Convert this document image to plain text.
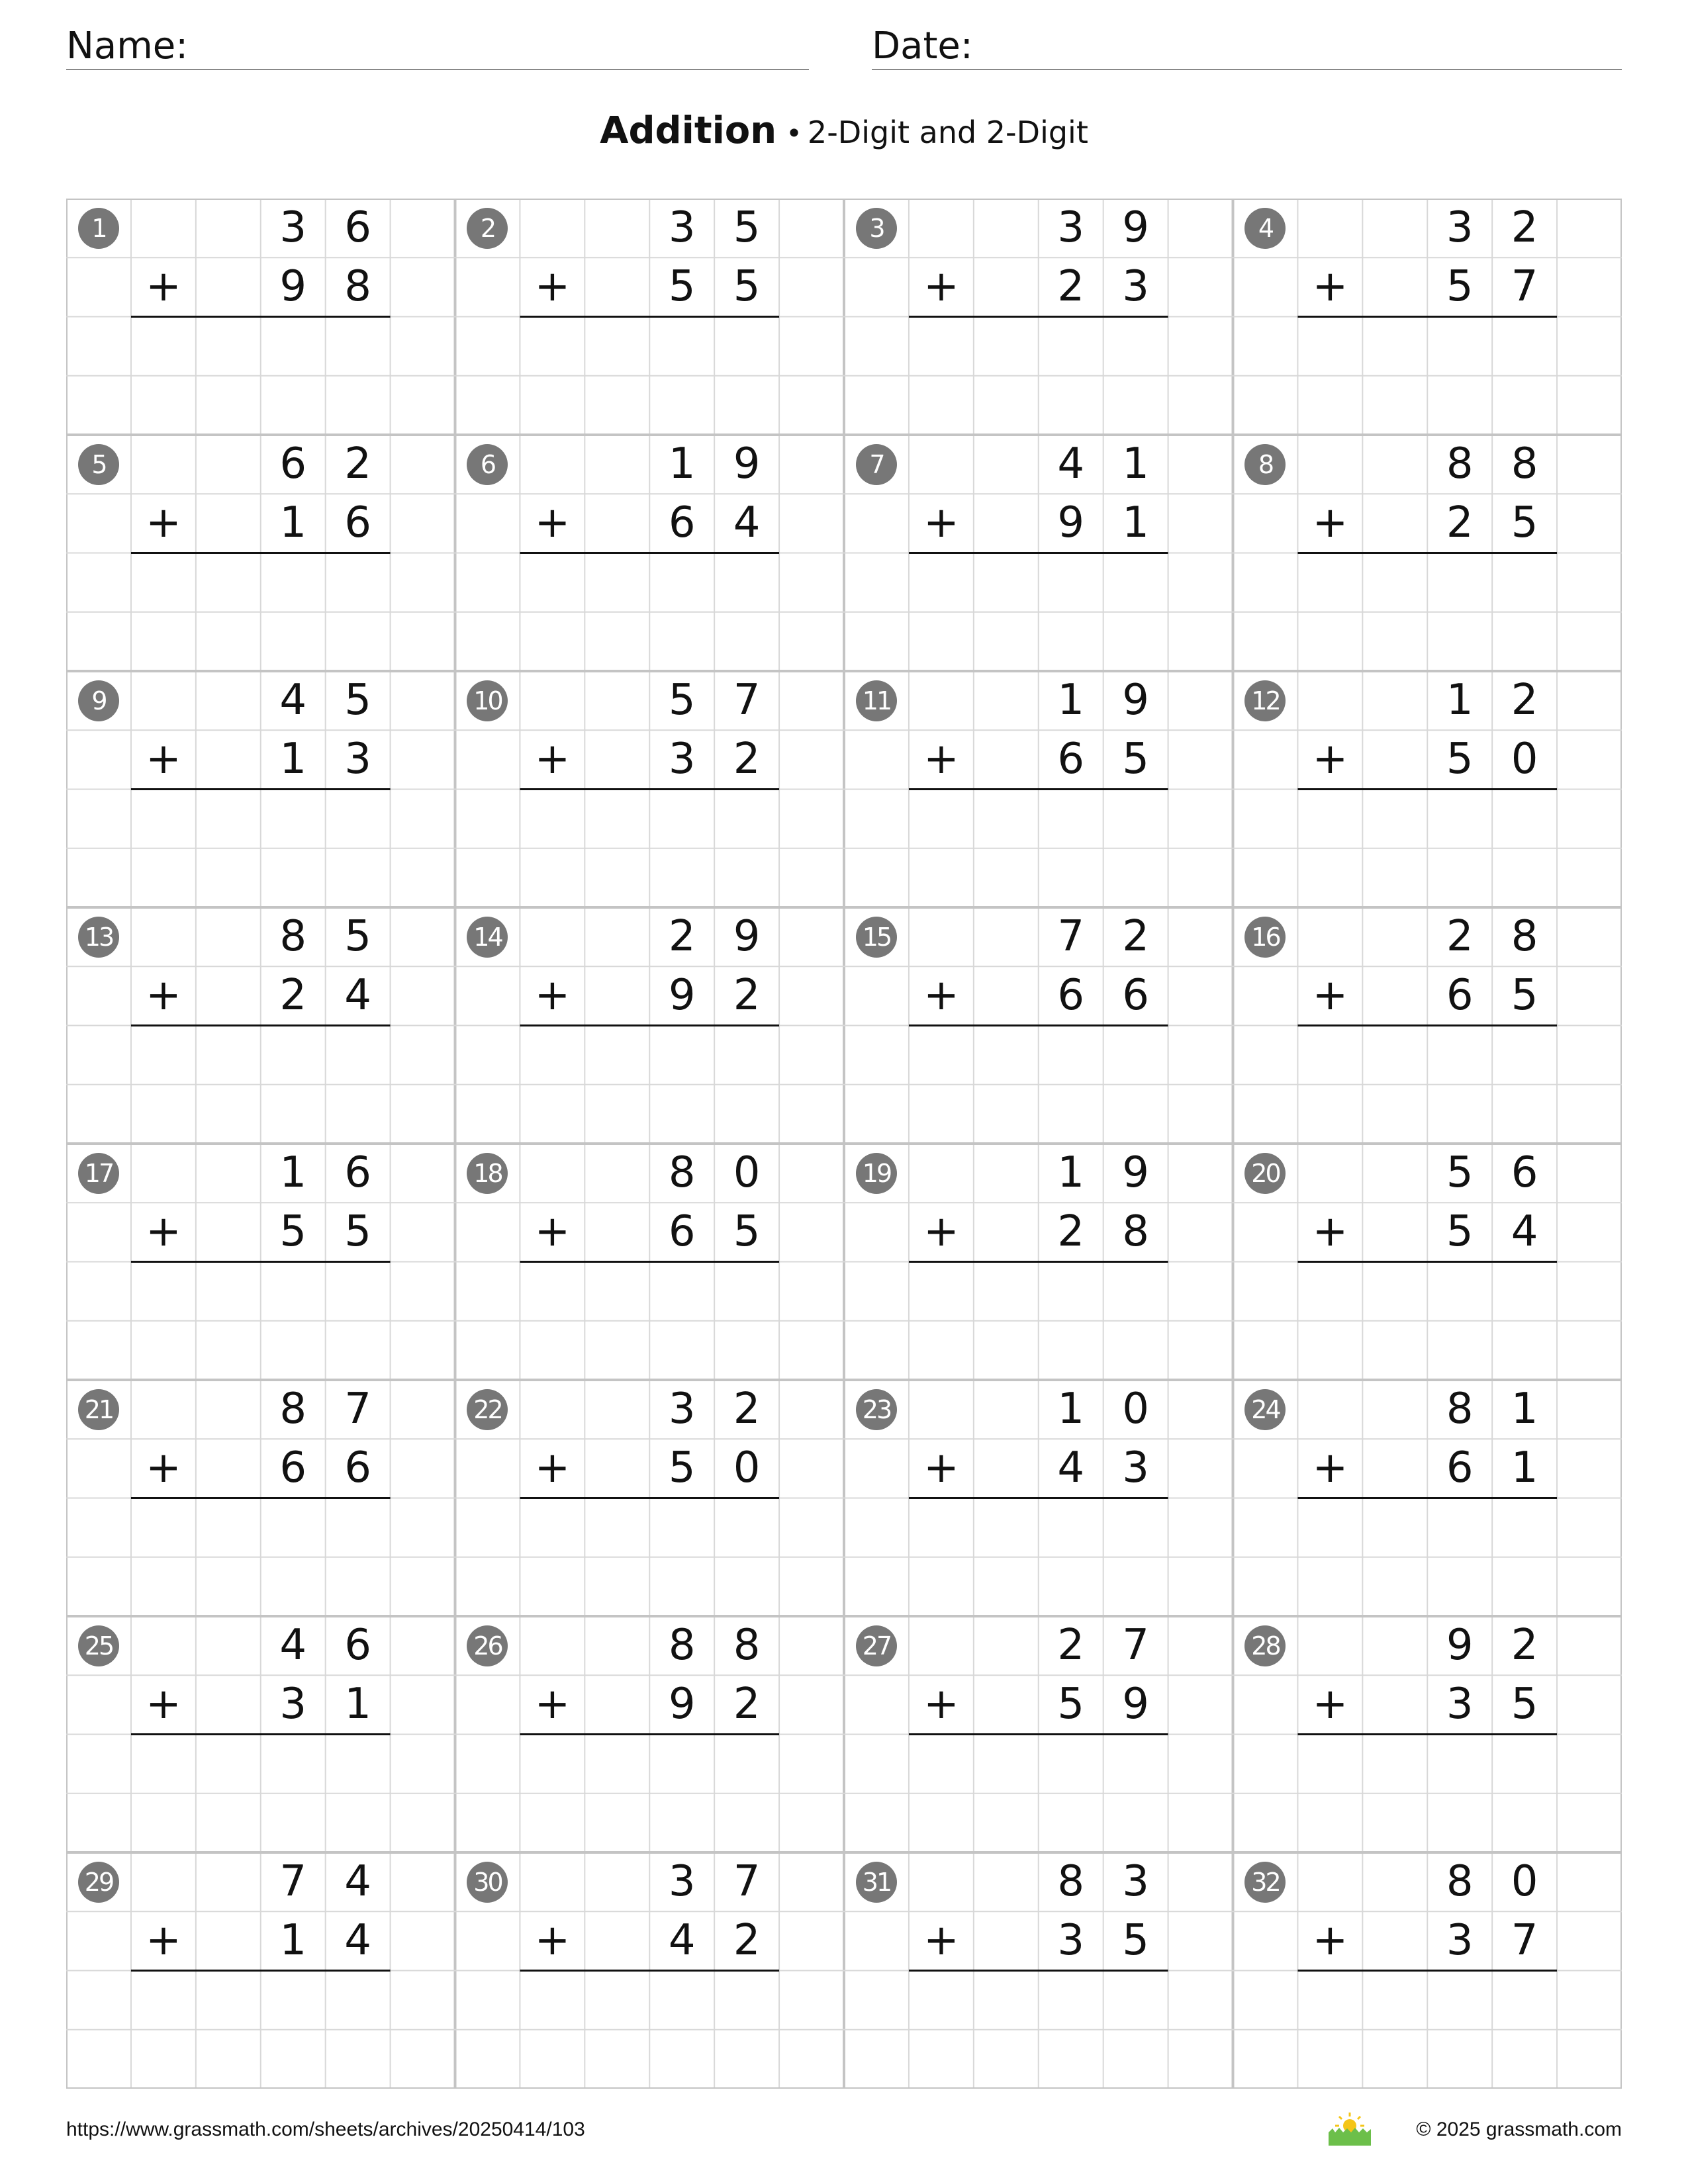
Name:	Date:
Addition • 2-Digit and 2-Digit
1	3 6
+	9 8
2	3 5
+	5 5
3	3 9
+	2 3
4	3 2
+	5 7
5	6 2
+	1 6
6	1 9
+	6 4
7	4 1
+	9 1
8	8 8
+	2 5
9	4 5
+	1 3
10	5 7
+	3 2
11	1 9
+	6 5
12	1 2
+	5 0
13	8 5
+	2 4
14	2 9
+	9 2
15	7 2
+	6 6
16	2 8
+	6 5
17	1 6
+	5 5
18	8 0
+	6 5
19	1 9
+	2 8
20	5 6
+	5 4
21	8 7
+	6 6
22	3 2
+	5 0
23	1 0
+	4 3
24	8 1
+	6 1
25	4 6
+	3 1
26	8 8
+	9 2
27	2 7
+	5 9
28	9 2
+	3 5
29	7 4
+	1 4
30	3 7
+	4 2
31	8 3
+	3 5
32	8 0
+	3 7
https://www.grassmath.com/sheets/archives/20250414/103	© 2025 grassmath.com
